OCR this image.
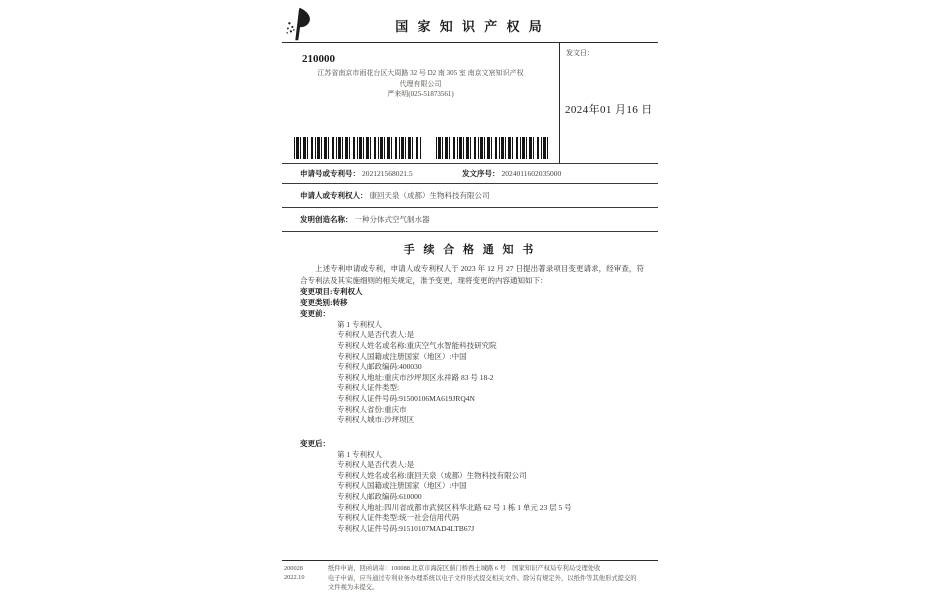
国 家 知 识 产 权 局
210000
江苏省南京市雨花台区大周路 32 号 D2 南 305 室 南京文宸知识产权
代理有限公司
严来明(025-51873561)
发文日：
2024年01 月16 日
申请号或专利号： 202121568021.5	发文序号： 2024011602035000
申请人或专利权人： 康回天泉（成都）生物科技有限公司
发明创造名称： 一种分体式空气制水器
手 续 合 格 通 知 书
上述专利申请或专利，申请人或专利权人于 2023 年 12 月 27 日提出著录项目变更请求，经审查，符合专利法及其实施细则的相关规定，准予变更，现将变更的内容通知如下：
变更项目:专利权人
变更类别:转移
变更前：
第 1 专利权人
专利权人是否代表人:是
专利权人姓名或名称:重庆空气水智能科技研究院
专利权人国籍或注册国家（地区）:中国
专利权人邮政编码:400030
专利权人地址:重庆市沙坪坝区永祥路 83 号 18-2
专利权人证件类型:
专利权人证件号码:91500106MA619JRQ4N
专利权人省份:重庆市
专利权人城市:沙坪坝区
变更后：
第 1 专利权人
专利权人是否代表人:是
专利权人姓名或名称:康回天泉（成都）生物科技有限公司
专利权人国籍或注册国家（地区）:中国
专利权人邮政编码:610000
专利权人地址:四川省成都市武侯区科华北路 62 号 1 栋 1 单元 23 层 5 号
专利权人证件类型:统一社会信用代码
专利权人证件号码:91510107MAD4LTB67J
200028
2022.10
纸件申请，回函请寄：100088 北京市海淀区蓟门桥西土城路 6 号　国家知识产权局专利局受理处收
电子申请，应当通过专利业务办理系统以电子文件形式提交相关文件。除另有规定外，以纸件等其他形式提交的
文件视为未提交。
